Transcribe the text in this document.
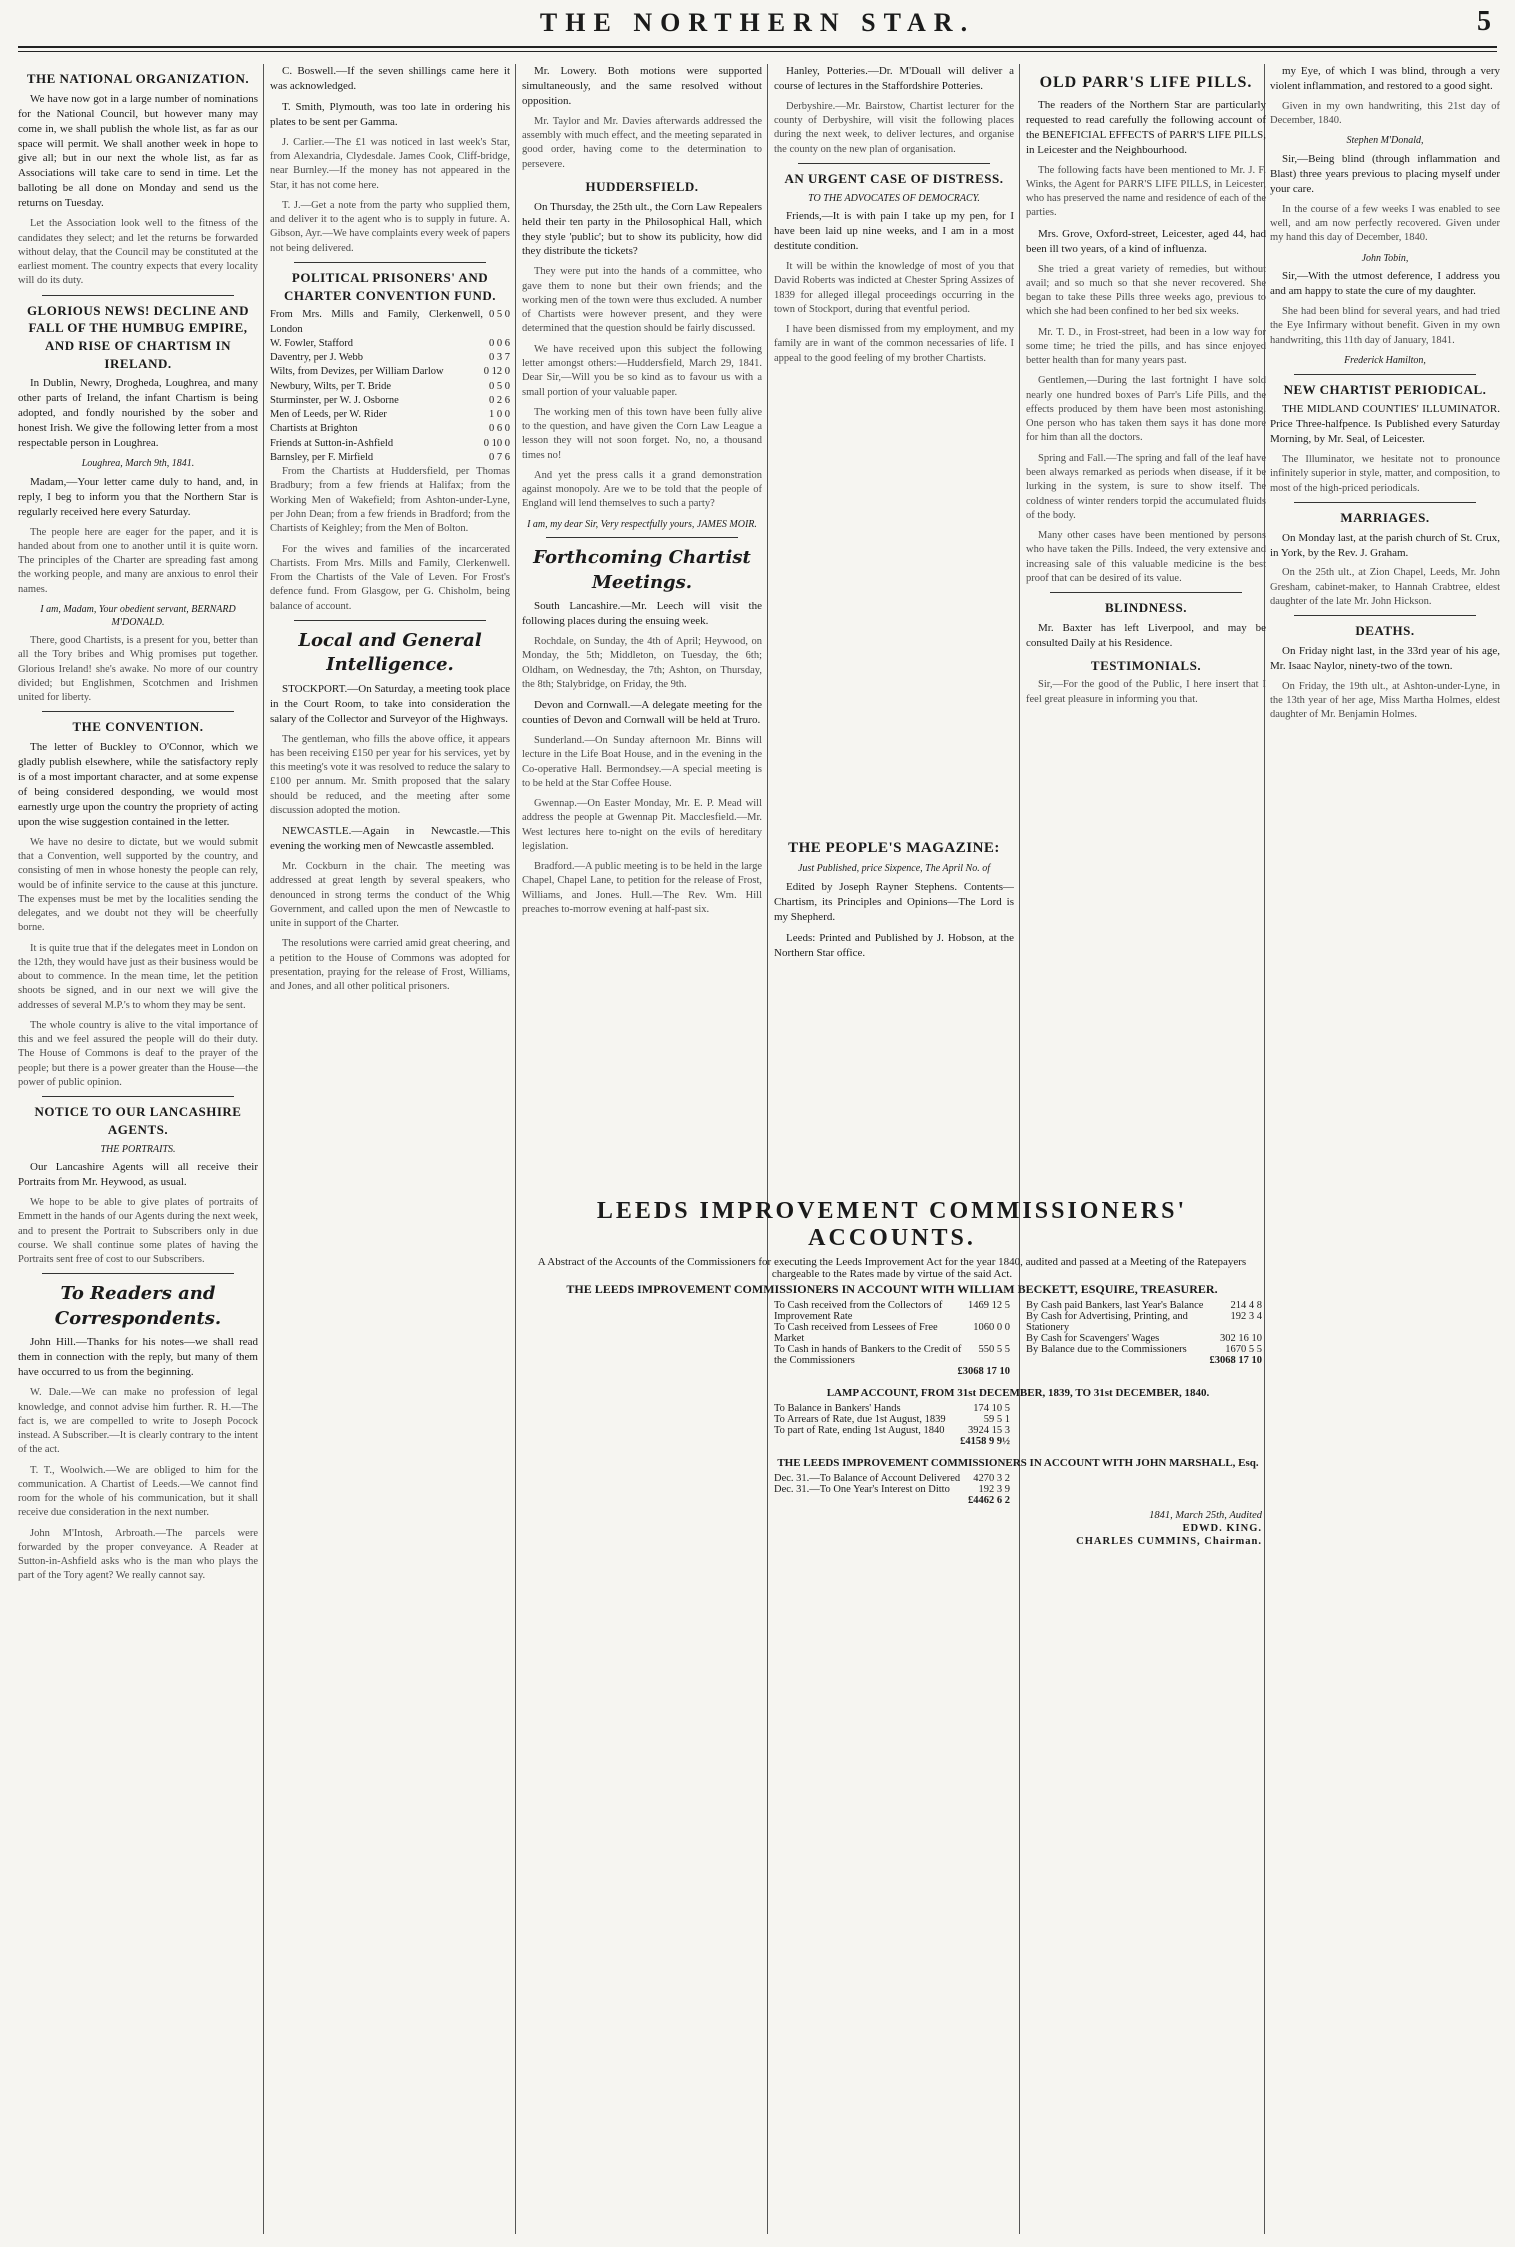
THE NORTHERN STAR.	5
THE NATIONAL ORGANIZATION.

We have now got in a large number of nominations for the National Council, but however many may come in, we shall publish the whole list, as far as our space will permit. We shall another week in hope to give all; but in our next the whole list, as far as Associations will take care to send in time. Let the balloting be all done on Monday and send us the returns on Tuesday.

Let the Association look well to the fitness of the candidates they select; and let the returns be forwarded without delay, that the Council may be constituted at the earliest moment. The country expects that every locality will do its duty.

GLORIOUS NEWS! DECLINE AND FALL OF THE HUMBUG EMPIRE, AND RISE OF CHARTISM IN IRELAND.

In Dublin, Newry, Drogheda, Loughrea, and many other parts of Ireland, the infant Chartism is being adopted, and fondly nourished by the sober and honest Irish. We give the following letter from a most respectable person in Loughrea.

Loughrea, March 9th, 1841.

Madam,—Your letter came duly to hand, and, in reply, I beg to inform you that the Northern Star is regularly received here every Saturday.

The people here are eager for the paper, and it is handed about from one to another until it is quite worn. The principles of the Charter are spreading fast among the working people, and many are anxious to enrol their names.

I am, Madam, Your obedient servant, BERNARD M'DONALD.

There, good Chartists, is a present for you, better than all the Tory bribes and Whig promises put together. Glorious Ireland! she's awake. No more of our country divided; but Englishmen, Scotchmen and Irishmen united for liberty.

THE CONVENTION.

The letter of Buckley to O'Connor, which we gladly publish elsewhere, while the satisfactory reply is of a most important character, and at some expense of being considered desponding, we would most earnestly urge upon the country the propriety of acting upon the wise suggestion contained in the letter.

We have no desire to dictate, but we would submit that a Convention, well supported by the country, and consisting of men in whose honesty the people can rely, would be of infinite service to the cause at this juncture. The expenses must be met by the localities sending the delegates, and we doubt not they will be cheerfully borne.

It is quite true that if the delegates meet in London on the 12th, they would have just as their business would be about to commence. In the mean time, let the petition shoots be signed, and in our next we will give the addresses of several M.P.'s to whom they may be sent.

The whole country is alive to the vital importance of this and we feel assured the people will do their duty. The House of Commons is deaf to the prayer of the people; but there is a power greater than the House—the power of public opinion.

NOTICE TO OUR LANCASHIRE AGENTS.
THE PORTRAITS.

Our Lancashire Agents will all receive their Portraits from Mr. Heywood, as usual.

We hope to be able to give plates of portraits of Emmett in the hands of our Agents during the next week, and to present the Portrait to Subscribers only in due course. We shall continue some plates of having the Portraits sent free of cost to our Subscribers.

To Readers and Correspondents.

John Hill.—Thanks for his notes—we shall read them in connection with the reply, but many of them have occurred to us from the beginning.

W. Dale.—We can make no profession of legal knowledge, and connot advise him further. R. H.—The fact is, we are compelled to write to Joseph Pocock instead. A Subscriber.—It is clearly contrary to the intent of the act.

T. T., Woolwich.—We are obliged to him for the communication. A Chartist of Leeds.—We cannot find room for the whole of his communication, but it shall receive due consideration in the next number.

John M'Intosh, Arbroath.—The parcels were forwarded by the proper conveyance. A Reader at Sutton-in-Ashfield asks who is the man who plays the part of the Tory agent? We really cannot say.

C. Boswell.—If the seven shillings came here it was acknowledged.

T. Smith, Plymouth, was too late in ordering his plates to be sent per Gamma.

J. Carlier.—The £1 was noticed in last week's Star, from Alexandria, Clydesdale. James Cook, Cliff-bridge, near Burnley.—If the money has not appeared in the Star, it has not come here.

T. J.—Get a note from the party who supplied them, and deliver it to the agent who is to supply in future. A. Gibson, Ayr.—We have complaints every week of papers not being delivered.

POLITICAL PRISONERS' AND CHARTER CONVENTION FUND.
From Mrs. Mills and Family, Clerkenwell, London
0 5 0
W. Fowler, Stafford	0 0 6
Daventry, per J. Webb	0 3 7
Wilts, from Devizes, per William Darlow	0 12 0
Newbury, Wilts, per T. Bride	0 5 0
Sturminster, per W. J. Osborne	0 2 6
Men of Leeds, per W. Rider	1 0 0
Chartists at Brighton	0 6 0
Friends at Sutton-in-Ashfield	0 10 0
Barnsley, per F. Mirfield	0 7 6

From the Chartists at Huddersfield, per Thomas Bradbury; from a few friends at Halifax; from the Working Men of Wakefield; from Ashton-under-Lyne, per John Dean; from a few friends in Bradford; from the Chartists of Keighley; from the Men of Bolton.

For the wives and families of the incarcerated Chartists. From Mrs. Mills and Family, Clerkenwell. From the Chartists of the Vale of Leven. For Frost's defence fund. From Glasgow, per G. Chisholm, being balance of account.

Local and General Intelligence.

STOCKPORT.—On Saturday, a meeting took place in the Court Room, to take into consideration the salary of the Collector and Surveyor of the Highways.

The gentleman, who fills the above office, it appears has been receiving £150 per year for his services, yet by this meeting's vote it was resolved to reduce the salary to £100 per annum. Mr. Smith proposed that the salary should be reduced, and the meeting after some discussion adopted the motion.

NEWCASTLE.—Again in Newcastle.—This evening the working men of Newcastle assembled.

Mr. Cockburn in the chair. The meeting was addressed at great length by several speakers, who denounced in strong terms the conduct of the Whig Government, and called upon the men of Newcastle to unite in support of the Charter.

The resolutions were carried amid great cheering, and a petition to the House of Commons was adopted for presentation, praying for the release of Frost, Williams, and Jones, and all other political prisoners.

Mr. Lowery. Both motions were supported simultaneously, and the same resolved without opposition.

Mr. Taylor and Mr. Davies afterwards addressed the assembly with much effect, and the meeting separated in good order, having come to the determination to persevere.

HUDDERSFIELD.

On Thursday, the 25th ult., the Corn Law Repealers held their ten party in the Philosophical Hall, which they style 'public'; but to show its publicity, how did they distribute the tickets?

They were put into the hands of a committee, who gave them to none but their own friends; and the working men of the town were thus excluded. A number of Chartists were however present, and they were determined that the question should be fairly discussed.

We have received upon this subject the following letter amongst others:—Huddersfield, March 29, 1841. Dear Sir,—Will you be so kind as to favour us with a small portion of your valuable paper.

The working men of this town have been fully alive to the question, and have given the Corn Law League a lesson they will not soon forget. No, no, a thousand times no!

And yet the press calls it a grand demonstration against monopoly. Are we to be told that the people of England will lend themselves to such a party?

I am, my dear Sir, Very respectfully yours, JAMES MOIR.

Forthcoming Chartist Meetings.

South Lancashire.—Mr. Leech will visit the following places during the ensuing week.

Rochdale, on Sunday, the 4th of April; Heywood, on Monday, the 5th; Middleton, on Tuesday, the 6th; Oldham, on Wednesday, the 7th; Ashton, on Thursday, the 8th; Stalybridge, on Friday, the 9th.

Devon and Cornwall.—A delegate meeting for the counties of Devon and Cornwall will be held at Truro.

Sunderland.—On Sunday afternoon Mr. Binns will lecture in the Life Boat House, and in the evening in the Co-operative Hall. Bermondsey.—A special meeting is to be held at the Star Coffee House.

Gwennap.—On Easter Monday, Mr. E. P. Mead will address the people at Gwennap Pit. Macclesfield.—Mr. West lectures here to-night on the evils of hereditary legislation.

Bradford.—A public meeting is to be held in the large Chapel, Chapel Lane, to petition for the release of Frost, Williams, and Jones. Hull.—The Rev. Wm. Hill preaches to-morrow evening at half-past six.

Hanley, Potteries.—Dr. M'Douall will deliver a course of lectures in the Staffordshire Potteries.

Derbyshire.—Mr. Bairstow, Chartist lecturer for the county of Derbyshire, will visit the following places during the next week, to deliver lectures, and organise the county on the new plan of organisation.

AN URGENT CASE OF DISTRESS.
TO THE ADVOCATES OF DEMOCRACY.

Friends,—It is with pain I take up my pen, for I have been laid up nine weeks, and I am in a most destitute condition.

It will be within the knowledge of most of you that David Roberts was indicted at Chester Spring Assizes of 1839 for alleged illegal proceedings occurring in the town of Stockport, during that eventful period.

I have been dismissed from my employment, and my family are in want of the common necessaries of life. I appeal to the good feeling of my brother Chartists.

THE PEOPLE'S MAGAZINE:

Just Published, price Sixpence, The April No. of

Edited by Joseph Rayner Stephens. Contents—Chartism, its Principles and Opinions—The Lord is my Shepherd.

Leeds: Printed and Published by J. Hobson, at the Northern Star office.

OLD PARR'S LIFE PILLS.

The readers of the Northern Star are particularly requested to read carefully the following account of the BENEFICIAL EFFECTS of PARR'S LIFE PILLS, in Leicester and the Neighbourhood.

The following facts have been mentioned to Mr. J. F. Winks, the Agent for PARR'S LIFE PILLS, in Leicester, who has preserved the name and residence of each of the parties.

Mrs. Grove, Oxford-street, Leicester, aged 44, had been ill two years, of a kind of influenza.

She tried a great variety of remedies, but without avail; and so much so that she never recovered. She began to take these Pills three weeks ago, previous to which she had been confined to her bed six weeks.

Mr. T. D., in Frost-street, had been in a low way for some time; he tried the pills, and has since enjoyed better health than for many years past.

Gentlemen,—During the last fortnight I have sold nearly one hundred boxes of Parr's Life Pills, and the effects produced by them have been most astonishing. One person who has taken them says it has done more for him than all the doctors.

Spring and Fall.—The spring and fall of the leaf have been always remarked as periods when disease, if it be lurking in the system, is sure to show itself. The coldness of winter renders torpid the accumulated fluids of the body.

Many other cases have been mentioned by persons who have taken the Pills. Indeed, the very extensive and increasing sale of this valuable medicine is the best proof that can be desired of its value.

BLINDNESS.

Mr. Baxter has left Liverpool, and may be consulted Daily at his Residence.

TESTIMONIALS.

Sir,—For the good of the Public, I here insert that I feel great pleasure in informing you that.

my Eye, of which I was blind, through a very violent inflammation, and restored to a good sight.

Given in my own handwriting, this 21st day of December, 1840.

Stephen M'Donald,

Sir,—Being blind (through inflammation and Blast) three years previous to placing myself under your care.

In the course of a few weeks I was enabled to see well, and am now perfectly recovered. Given under my hand this day of December, 1840.

John Tobin,

Sir,—With the utmost deference, I address you and am happy to state the cure of my daughter.

She had been blind for several years, and had tried the Eye Infirmary without benefit. Given in my own handwriting, this 11th day of January, 1841.

Frederick Hamilton,

NEW CHARTIST PERIODICAL.

THE MIDLAND COUNTIES' ILLUMINATOR. Price Three-halfpence. Is Published every Saturday Morning, by Mr. Seal, of Leicester.

The Illuminator, we hesitate not to pronounce infinitely superior in style, matter, and composition, to most of the high-priced periodicals.

MARRIAGES.

On Monday last, at the parish church of St. Crux, in York, by the Rev. J. Graham.

On the 25th ult., at Zion Chapel, Leeds, Mr. John Gresham, cabinet-maker, to Hannah Crabtree, eldest daughter of the late Mr. John Hickson.

DEATHS.

On Friday night last, in the 33rd year of his age, Mr. Isaac Naylor, ninety-two of the town.

On Friday, the 19th ult., at Ashton-under-Lyne, in the 13th year of her age, Miss Martha Holmes, eldest daughter of Mr. Benjamin Holmes.

LEEDS IMPROVEMENT COMMISSIONERS' ACCOUNTS.
A Abstract of the Accounts of the Commissioners for executing the Leeds Improvement Act for the year 1840, audited and passed at a Meeting of the Ratepayers chargeable to the Rates made by virtue of the said Act.
THE LEEDS IMPROVEMENT COMMISSIONERS IN ACCOUNT WITH WILLIAM BECKETT, ESQUIRE, TREASURER.
To Cash received from the Collectors of Improvement Rate
1469 12 5
To Cash received from Lessees of Free Market
1060 0 0
To Cash in hands of Bankers to the Credit of the Commissioners
550 5 5
£3068 17 10
By Cash paid Bankers, last Year's Balance	214 4 8
By Cash for Advertising, Printing, and Stationery
192 3 4
By Cash for Scavengers' Wages	302 16 10
By Balance due to the Commissioners	1670 5 5
£3068 17 10
LAMP ACCOUNT, FROM 31st DECEMBER, 1839, TO 31st DECEMBER, 1840.
To Balance in Bankers' Hands	174 10 5
To Arrears of Rate, due 1st August, 1839	59 5 1
To part of Rate, ending 1st August, 1840 3924 15 3
£4158 9 9½
THE LEEDS IMPROVEMENT COMMISSIONERS IN ACCOUNT WITH JOHN MARSHALL, Esq.
Dec. 31.—To Balance of Account Delivered 4270 3 2
Dec. 31.—To One Year's Interest on Ditto	192 3 9
£4462 6 2
1841, March 25th, Audited
EDWD. KING.
CHARLES CUMMINS, Chairman.
